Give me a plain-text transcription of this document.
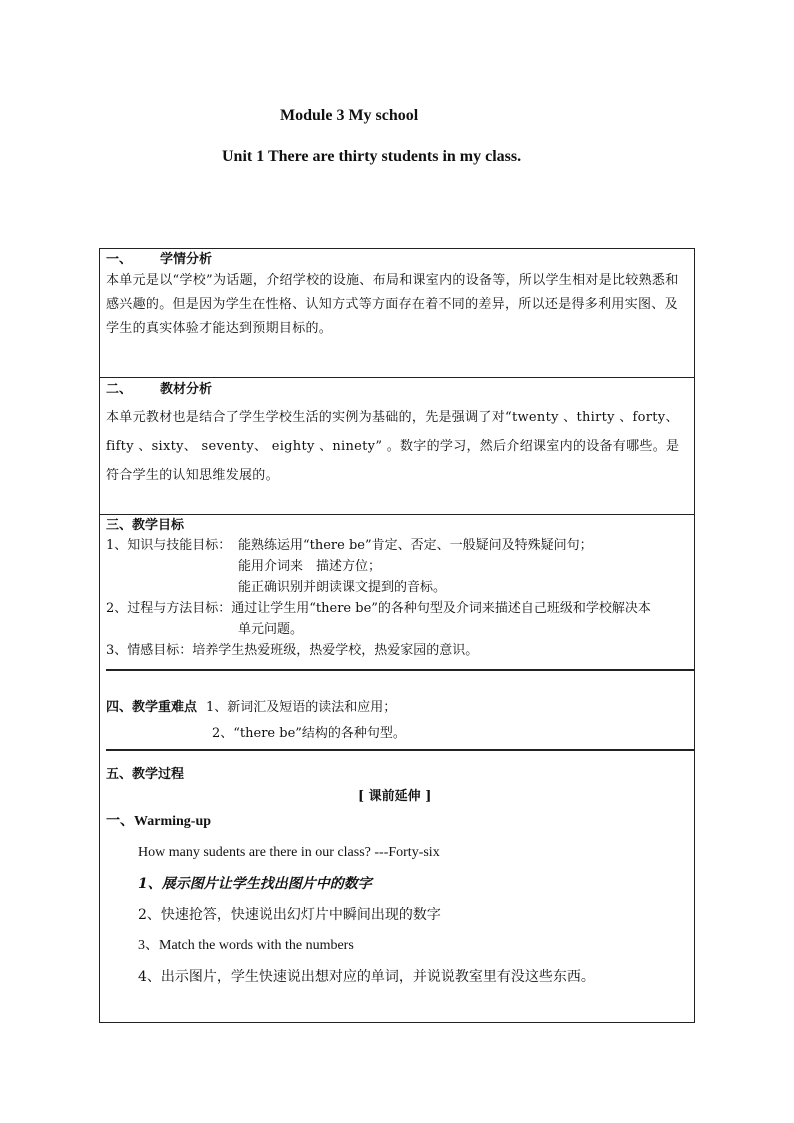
Module 3 My school
Unit 1 There are thirty students in my class.
一、 学情分析
本单元是以“学校”为话题，介绍学校的设施、布局和课室内的设备等，所以学生相对是比较熟悉和感兴趣的。但是因为学生在性格、认知方式等方面存在着不同的差异，所以还是得多利用实图、及学生的真实体验才能达到预期目标的。
二、 教材分析
本单元教材也是结合了学生学校生活的实例为基础的，先是强调了对“twenty 、thirty 、forty、fifty 、sixty、 seventy、 eighty 、ninety” 。数字的学习，然后介绍课室内的设备有哪些。是符合学生的认知思维发展的。
三、教学目标
1、知识与技能目标： 能熟练运用“there be”肯定、否定、一般疑问及特殊疑问句；
能用介词来　描述方位；
能正确识别并朗读课文提到的音标。
2、过程与方法目标：通过让学生用“there be”的各种句型及介词来描述自己班级和学校解决本
单元问题。
3、情感目标：培养学生热爱班级，热爱学校，热爱家园的意识。
四、教学重难点 1、新词汇及短语的读法和应用；
2、“there be”结构的各种句型。
五、教学过程
[ 课前延伸 ]
一、Warming-up
How many sudents are there in our class? ---Forty-six
1、展示图片让学生找出图片中的数字
2、快速抢答，快速说出幻灯片中瞬间出现的数字
3、Match the words with the numbers
4、出示图片，学生快速说出想对应的单词，并说说教室里有没这些东西。
